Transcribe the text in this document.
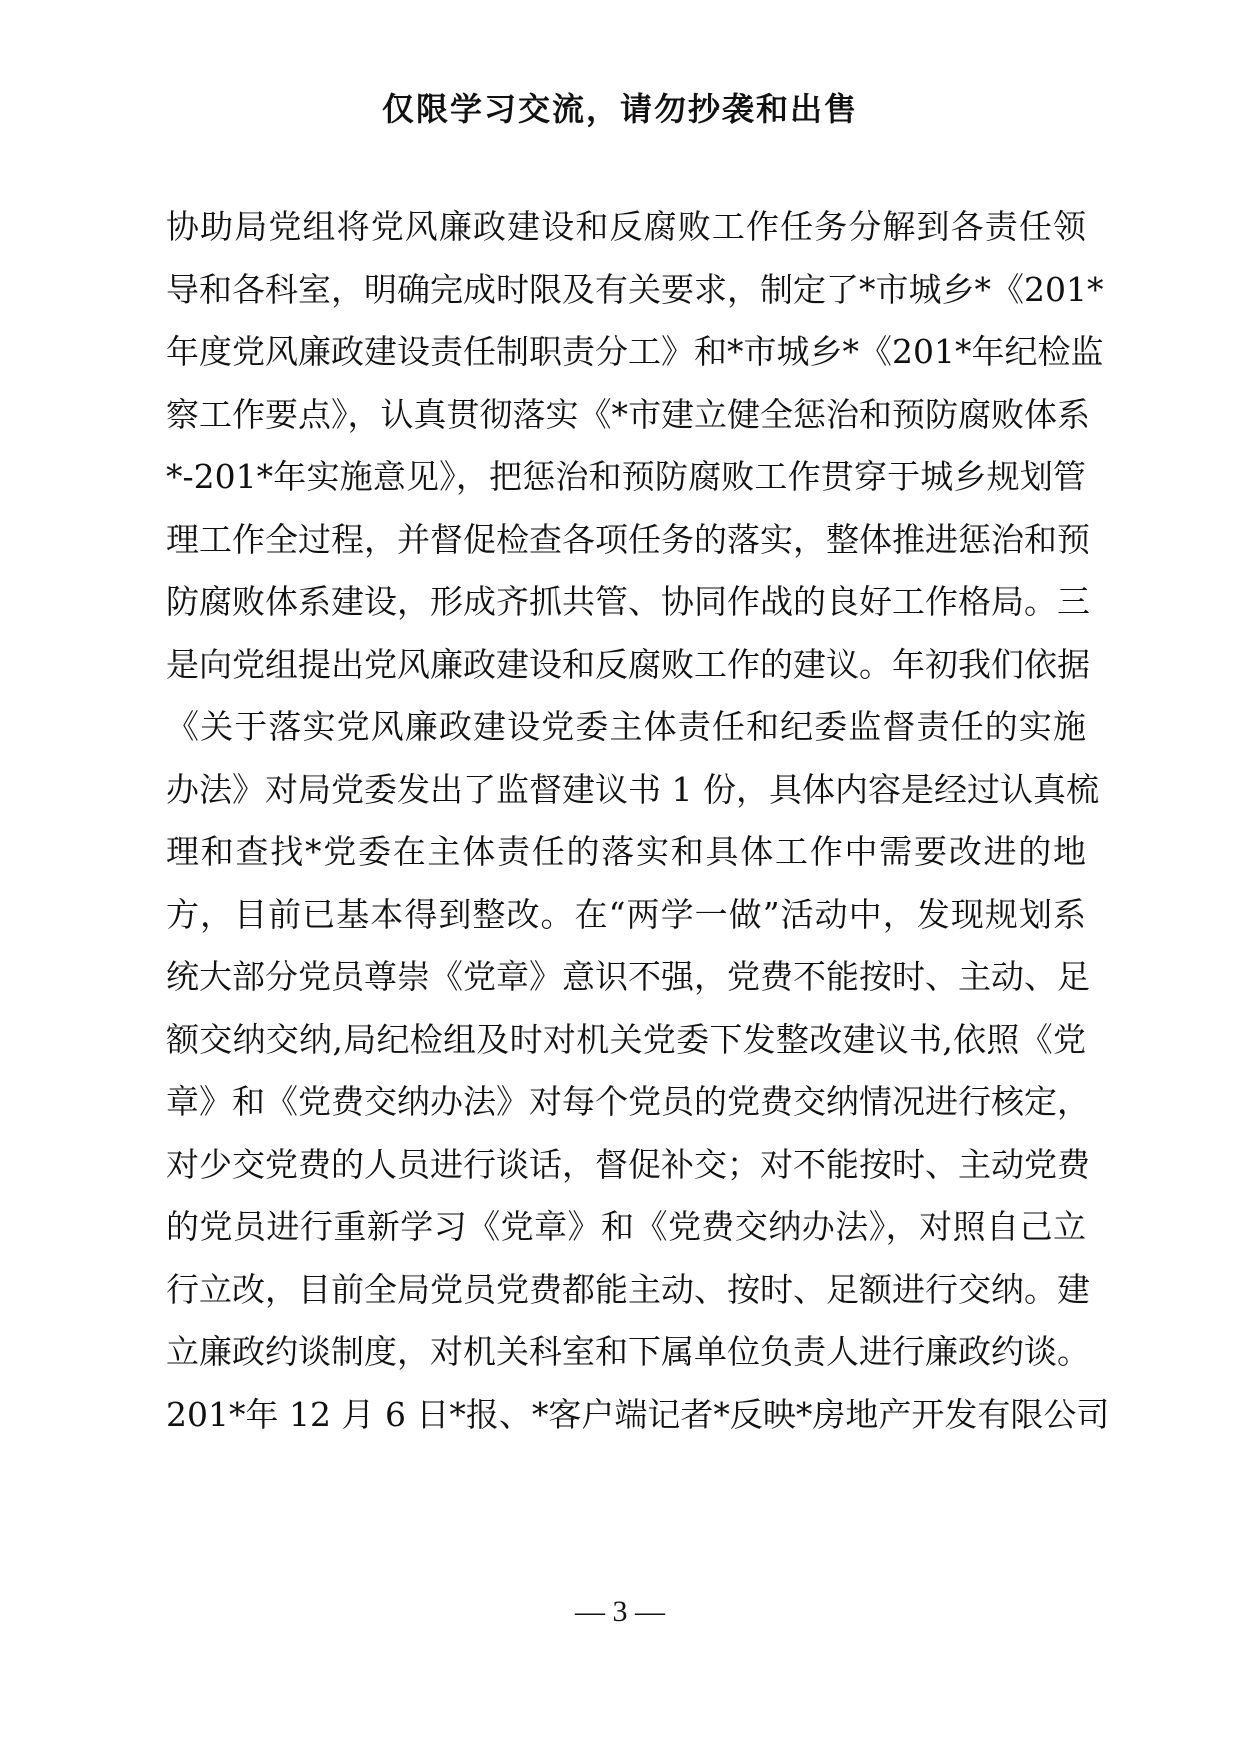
仅限学习交流，请勿抄袭和出售
协助局党组将党风廉政建设和反腐败工作任务分解到各责任领
导和各科室，明确完成时限及有关要求，制定了*市城乡*《201*
年度党风廉政建设责任制职责分工》和*市城乡*《201*年纪检监
察工作要点》，认真贯彻落实《*市建立健全惩治和预防腐败体系
*-201*年实施意见》，把惩治和预防腐败工作贯穿于城乡规划管
理工作全过程，并督促检查各项任务的落实，整体推进惩治和预
防腐败体系建设，形成齐抓共管、协同作战的良好工作格局。三
是向党组提出党风廉政建设和反腐败工作的建议。年初我们依据
《关于落实党风廉政建设党委主体责任和纪委监督责任的实施
办法》对局党委发出了监督建议书 1 份，具体内容是经过认真梳
理和查找*党委在主体责任的落实和具体工作中需要改进的地
方，目前已基本得到整改。在“两学一做”活动中，发现规划系
统大部分党员尊崇《党章》意识不强，党费不能按时、主动、足
额交纳交纳,局纪检组及时对机关党委下发整改建议书,依照《党
章》和《党费交纳办法》对每个党员的党费交纳情况进行核定，
对少交党费的人员进行谈话，督促补交；对不能按时、主动党费
的党员进行重新学习《党章》和《党费交纳办法》，对照自己立
行立改，目前全局党员党费都能主动、按时、足额进行交纳。建
立廉政约谈制度，对机关科室和下属单位负责人进行廉政约谈。
201*年 12 月 6 日*报、*客户端记者*反映*房地产开发有限公司
— 3 —
